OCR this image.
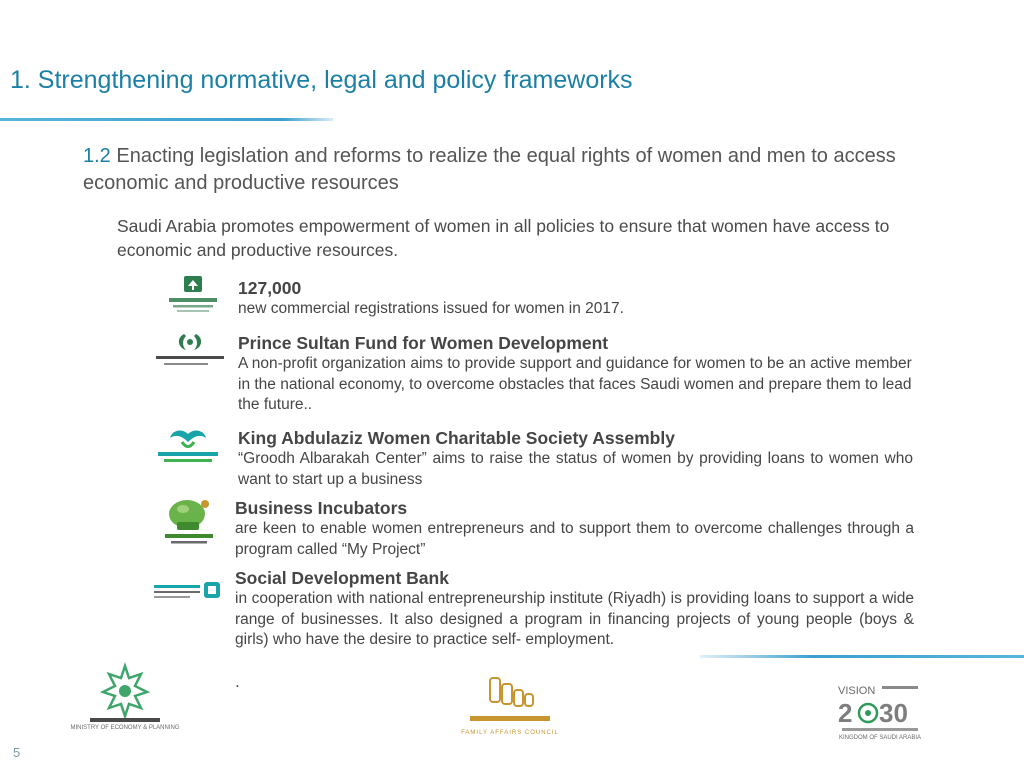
1. Strengthening normative, legal and policy frameworks
1.2 Enacting legislation and reforms to realize the equal rights of women and men to access economic and productive resources
Saudi Arabia promotes empowerment of women in all policies to ensure that women have access to economic and productive resources.
127,000
new commercial registrations issued for women in 2017.
Prince Sultan Fund for Women Development
A non-profit organization aims to provide support and guidance for women to be an active member in the national economy, to overcome obstacles that faces Saudi women and prepare them to lead the future..
King Abdulaziz Women Charitable Society Assembly
“Groodh Albarakah Center” aims to raise the status of women by providing loans to women who want to start up a business
Business Incubators
are keen to enable women entrepreneurs and to support them to overcome challenges through a program called “My Project”
Social Development Bank
in cooperation with national entrepreneurship institute (Riyadh) is providing loans to support a wide range of businesses. It also designed a program in financing projects of young people (boys & girls) who have the desire to practice self- employment.
.
MINISTRY OF ECONOMY & PLANNING
FAMILY AFFAIRS COUNCIL
VISION
2 30
KINGDOM OF SAUDI ARABIA
5
